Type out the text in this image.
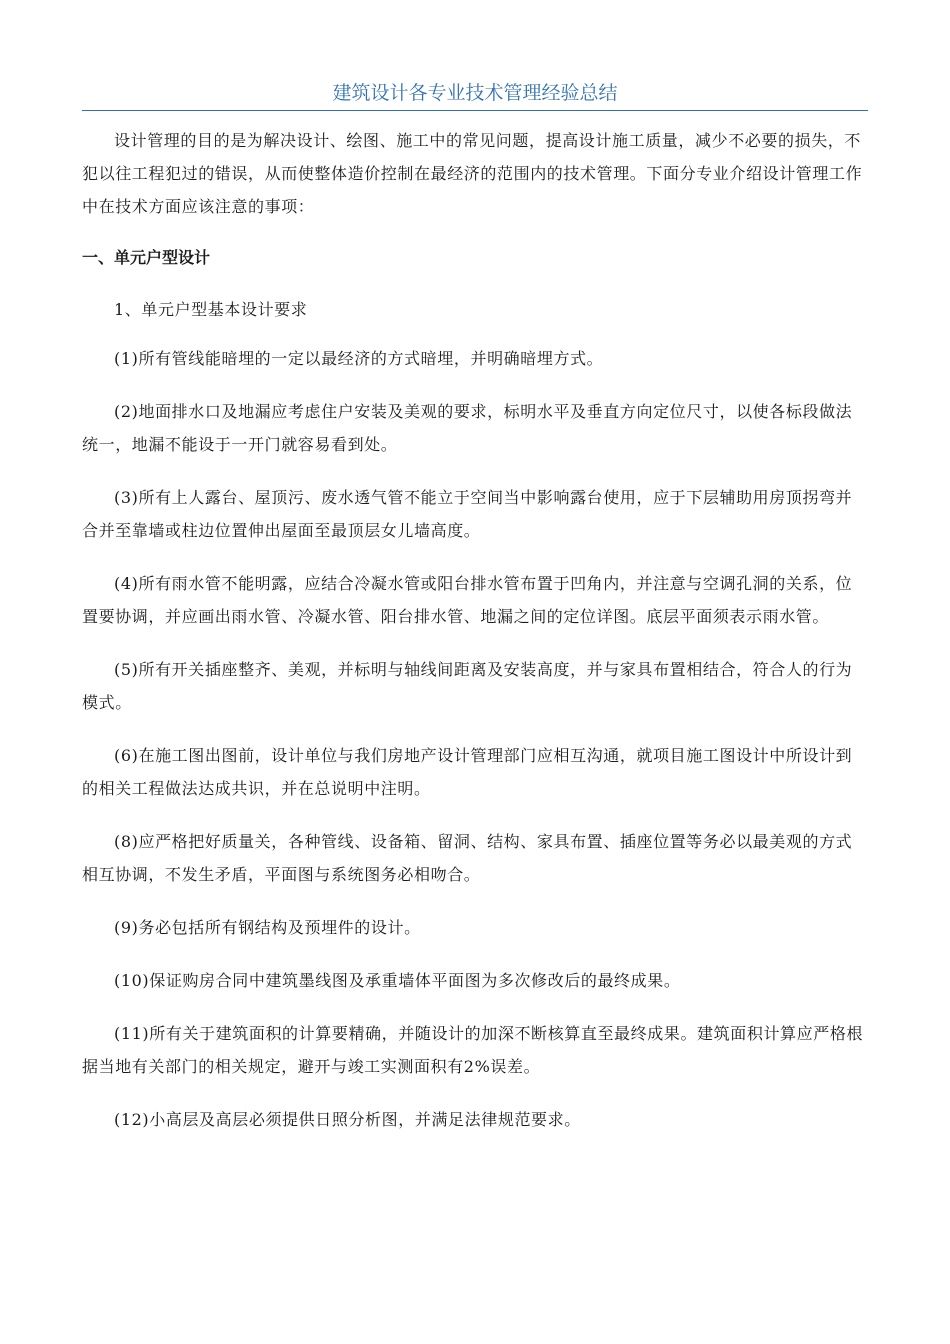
建筑设计各专业技术管理经验总结

设计管理的目的是为解决设计、绘图、施工中的常见问题，提高设计施工质量，减少不必要的损失，不犯以往工程犯过的错误，从而使整体造价控制在最经济的范围内的技术管理。下面分专业介绍设计管理工作中在技术方面应该注意的事项：

一、单元户型设计

1、单元户型基本设计要求

(1)所有管线能暗埋的一定以最经济的方式暗埋，并明确暗埋方式。

(2)地面排水口及地漏应考虑住户安装及美观的要求，标明水平及垂直方向定位尺寸，以使各标段做法统一，地漏不能设于一开门就容易看到处。

(3)所有上人露台、屋顶污、废水透气管不能立于空间当中影响露台使用，应于下层辅助用房顶拐弯并合并至靠墙或柱边位置伸出屋面至最顶层女儿墙高度。

(4)所有雨水管不能明露，应结合冷凝水管或阳台排水管布置于凹角内，并注意与空调孔洞的关系，位置要协调，并应画出雨水管、冷凝水管、阳台排水管、地漏之间的定位详图。底层平面须表示雨水管。

(5)所有开关插座整齐、美观，并标明与轴线间距离及安装高度，并与家具布置相结合，符合人的行为模式。

(6)在施工图出图前，设计单位与我们房地产设计管理部门应相互沟通，就项目施工图设计中所设计到的相关工程做法达成共识，并在总说明中注明。

(8)应严格把好质量关，各种管线、设备箱、留洞、结构、家具布置、插座位置等务必以最美观的方式相互协调，不发生矛盾，平面图与系统图务必相吻合。

(9)务必包括所有钢结构及预埋件的设计。

(10)保证购房合同中建筑墨线图及承重墙体平面图为多次修改后的最终成果。

(11)所有关于建筑面积的计算要精确，并随设计的加深不断核算直至最终成果。建筑面积计算应严格根据当地有关部门的相关规定，避开与竣工实测面积有2%误差。

(12)小高层及高层必须提供日照分析图，并满足法律规范要求。
